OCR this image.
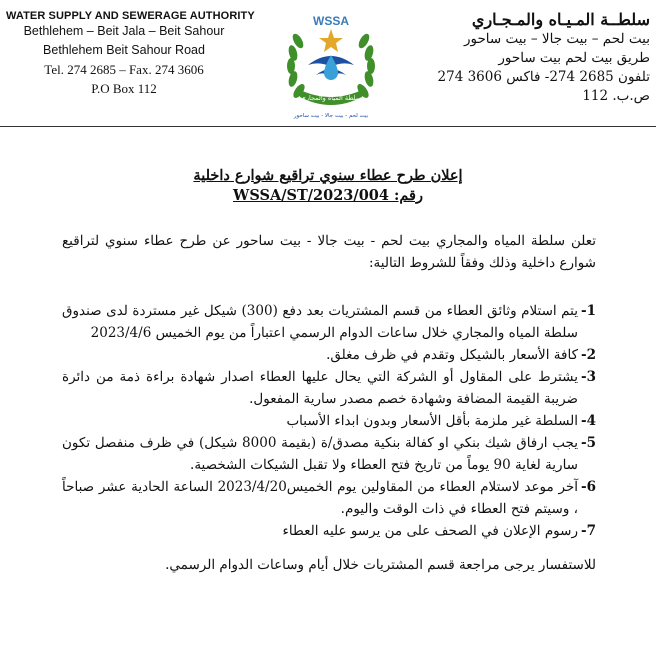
WATER SUPPLY AND SEWERAGE AUTHORITY
Bethlehem – Beit Jala – Beit Sahour
Bethlehem Beit Sahour Road
Tel. 274 2685 – Fax. 274 3606
P.O Box 112
WSSA
سلطة المياه والمجاري
بيت لحم - بيت جالا - بيت ساحور
سلطــة المـيـاه والمـجـاري
بيت لحم – بيت جالا – بيت ساحور
طريق بيت لحم بيت ساحور
تلفون 2685 274- فاكس 3606 274
ص.ب. 112
إعلان طرح عطاء سنوي تراقيع شوارع داخلية
رقم: WSSA/ST/2023/004

تعلن سلطة المياه والمجاري بيت لحم - بيت جالا - بيت ساحور عن طرح عطاء سنوي لتراقيع شوارع داخلية وذلك وفقاً للشروط التالية:

1-
يتم استلام وثائق العطاء من قسم المشتريات بعد دفع (300) شيكل غير مستردة لدى صندوق سلطة المياه والمجاري خلال ساعات الدوام الرسمي اعتباراً من يوم الخميس 2023/4/6
2-
كافة الأسعار بالشيكل وتقدم في ظرف مغلق.
3-
يشترط على المقاول أو الشركة التي يحال عليها العطاء اصدار شهادة براءة ذمة من دائرة ضريبة القيمة المضافة وشهادة خصم مصدر سارية المفعول.
4-
السلطة غير ملزمة بأقل الأسعار وبدون ابداء الأسباب
5-
يجب ارفاق شيك بنكي او كفالة بنكية مصدق/ة (بقيمة 8000 شيكل) في ظرف منفصل تكون سارية لغاية 90 يوماً من تاريخ فتح العطاء ولا تقبل الشيكات الشخصية.
6-
آخر موعد لاستلام العطاء من المقاولين يوم الخميس2023/4/20 الساعة الحادية عشر صباحاً ، وسيتم فتح العطاء في ذات الوقت واليوم.
7-
رسوم الإعلان في الصحف على من يرسو عليه العطاء

للاستفسار يرجى مراجعة قسم المشتريات خلال أيام وساعات الدوام الرسمي.
